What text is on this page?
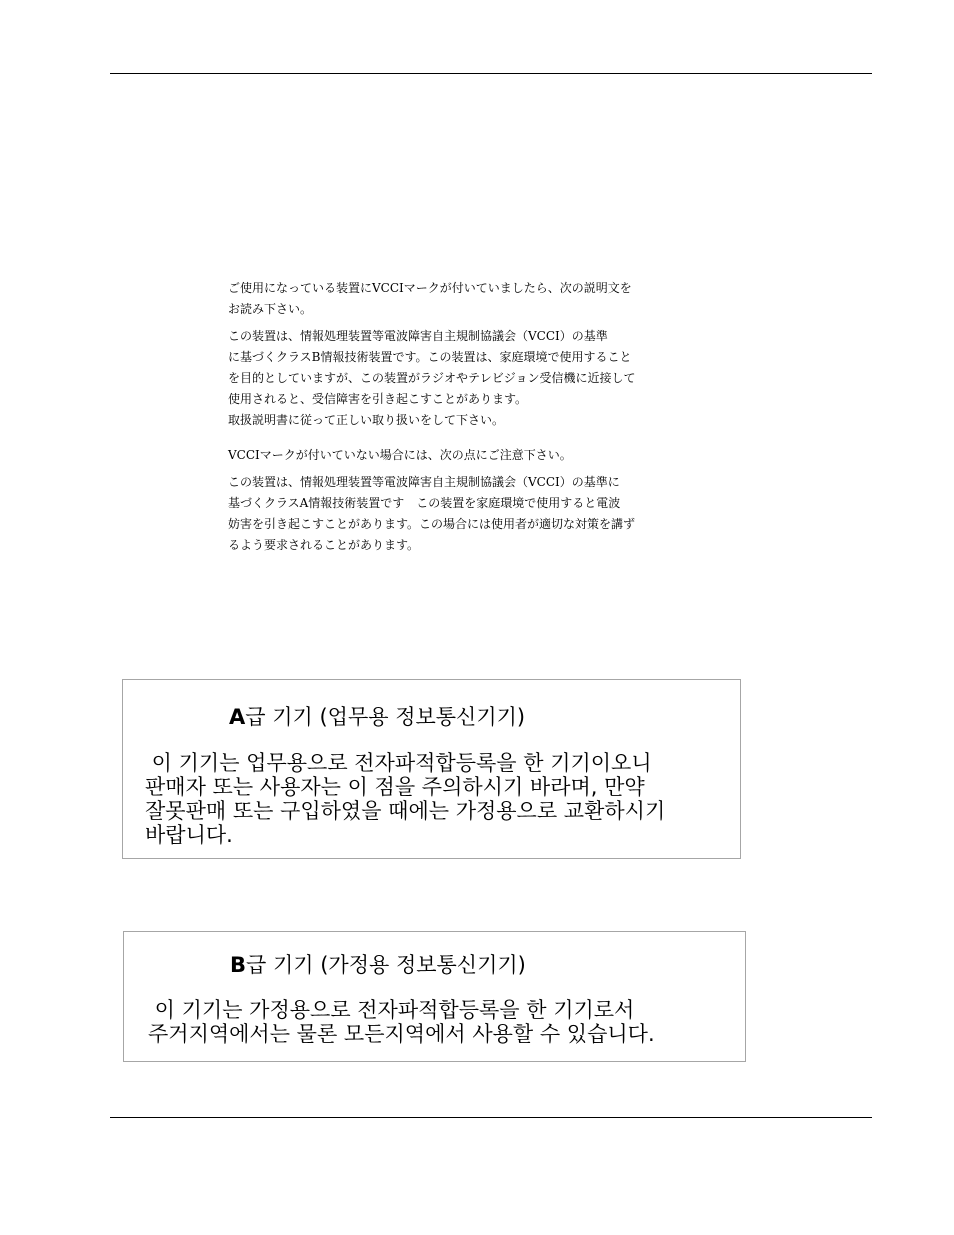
ご使用になっている装置にVCCIマークが付いていましたら、次の説明文を
お読み下さい。

この装置は、情報処理装置等電波障害自主規制協議会（VCCI）の基準
に基づくクラスB情報技術装置です。この装置は、家庭環境で使用すること
を目的としていますが、この装置がラジオやテレビジョン受信機に近接して
使用されると、受信障害を引き起こすことがあります。
取扱説明書に従って正しい取り扱いをして下さい。

VCCIマークが付いていない場合には、次の点にご注意下さい。

この装置は、情報処理装置等電波障害自主規制協議会（VCCI）の基準に
基づくクラスA情報技術装置です　この装置を家庭環境で使用すると電波
妨害を引き起こすことがあります。この場合には使用者が適切な対策を講ず
るよう要求されることがあります。

A급 기기 (업무용 정보통신기기)
이 기기는 업무용으로 전자파적합등록을 한 기기이오니
판매자 또는 사용자는 이 점을 주의하시기 바라며, 만약
잘못판매 또는 구입하였을 때에는 가정용으로 교환하시기
바랍니다.
B급 기기 (가정용 정보통신기기)
이 기기는 가정용으로 전자파적합등록을 한 기기로서
주거지역에서는 물론 모든지역에서 사용할 수 있습니다.
